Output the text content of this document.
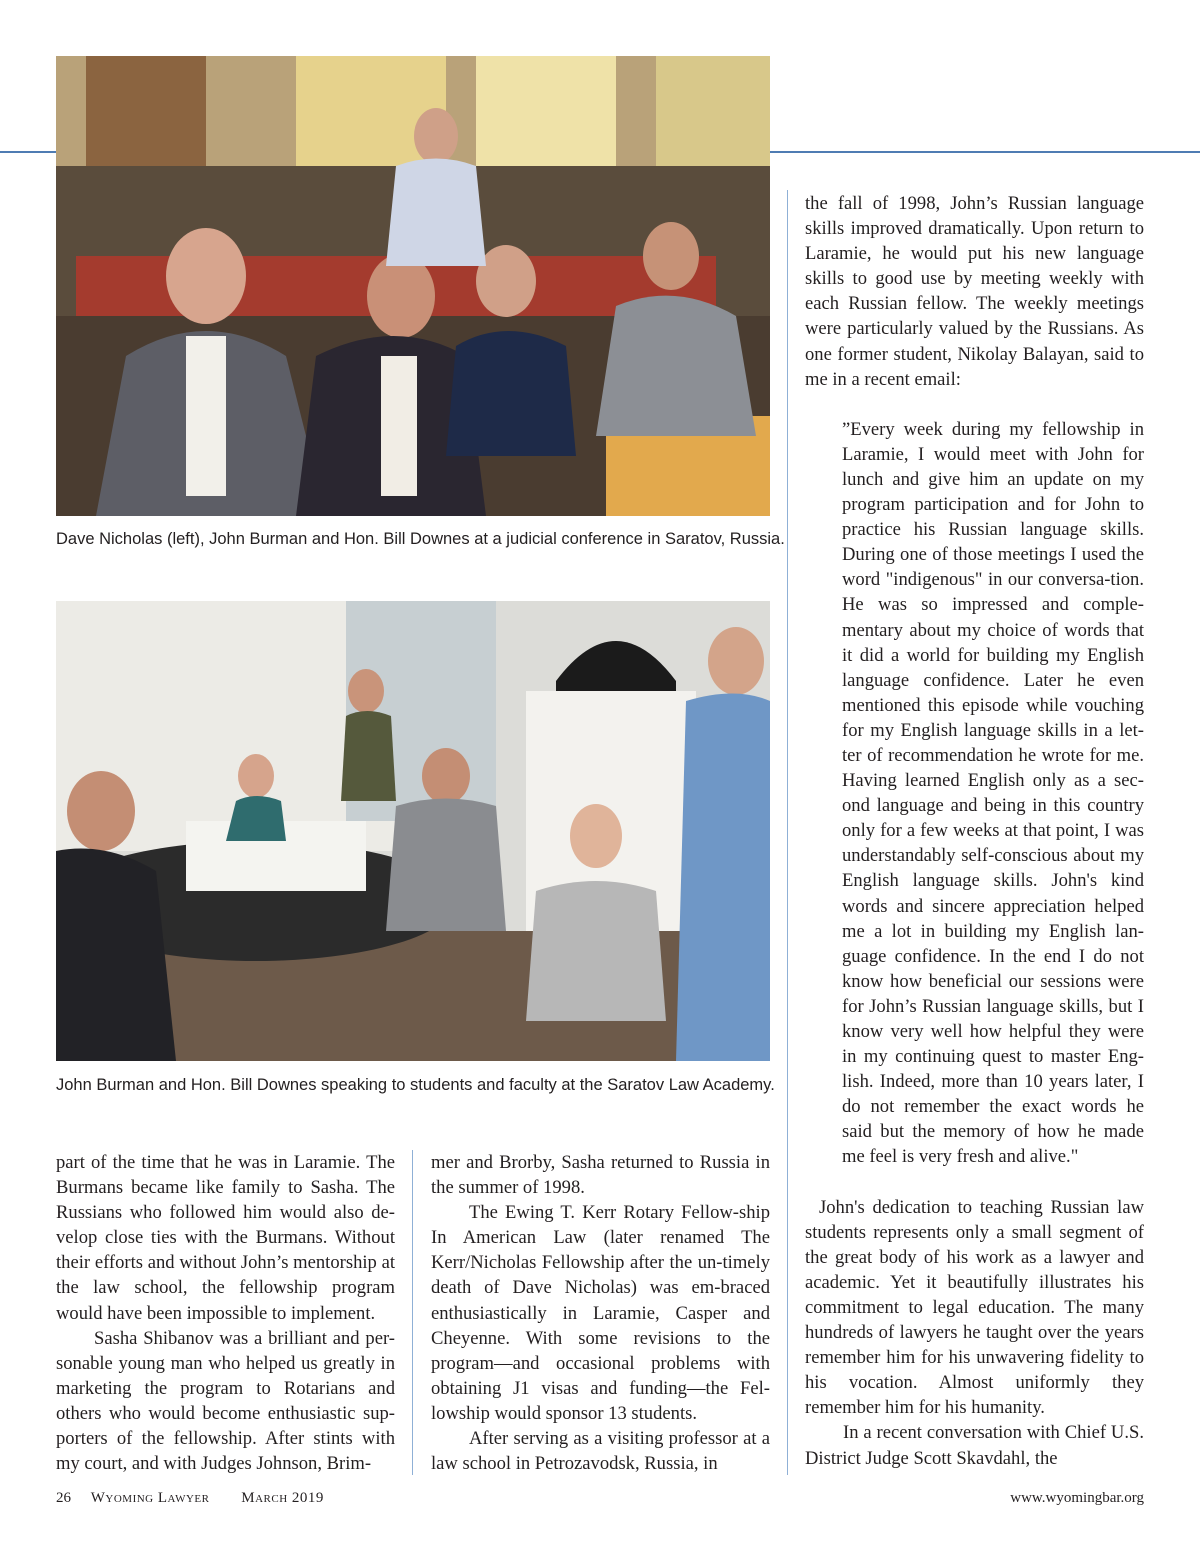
Dave Nicholas (left), John Burman and Hon. Bill Downes at a judicial conference in Saratov, Russia.
John Burman and Hon. Bill Downes speaking to students and faculty at the Saratov Law Academy.

part of the time that he was in Laramie. The Burmans became like family to Sasha. The Russians who followed him would also de-velop close ties with the Burmans. Without their efforts and without John’s mentorship at the law school, the fellowship program would have been impossible to implement.

Sasha Shibanov was a brilliant and per-sonable young man who helped us greatly in marketing the program to Rotarians and others who would become enthusiastic sup-porters of the fellowship. After stints with my court, and with Judges Johnson, Brim-

mer and Brorby, Sasha returned to Russia in the summer of 1998.

The Ewing T. Kerr Rotary Fellow-ship In American Law (later renamed The Kerr/Nicholas Fellowship after the un-timely death of Dave Nicholas) was em-braced enthusiastically in Laramie, Casper and Cheyenne. With some revisions to the program—and occasional problems with obtaining J1 visas and funding—the Fel-lowship would sponsor 13 students.

After serving as a visiting professor at a law school in Petrozavodsk, Russia, in

the fall of 1998, John’s Russian language skills improved dramatically. Upon return to Laramie, he would put his new language skills to good use by meeting weekly with each Russian fellow. The weekly meetings were particularly valued by the Russians. As one former student, Nikolay Balayan, said to me in a recent email:

”Every week during my fellowship in Laramie, I would meet with John for lunch and give him an update on my program participation and for John to practice his Russian language skills. During one of those meetings I used the word "indigenous" in our conversa-tion. He was so impressed and comple-mentary about my choice of words that it did a world for building my English language confidence. Later he even mentioned this episode while vouching for my English language skills in a let-ter of recommendation he wrote for me. Having learned English only as a sec-ond language and being in this country only for a few weeks at that point, I was understandably self-conscious about my English language skills. John's kind words and sincere appreciation helped me a lot in building my English lan-guage confidence. In the end I do not know how beneficial our sessions were for John’s Russian language skills, but I know very well how helpful they were in my continuing quest to master Eng-lish. Indeed, more than 10 years later, I do not remember the exact words he said but the memory of how he made me feel is very fresh and alive."

John's dedication to teaching Russian law students represents only a small segment of the great body of his work as a lawyer and academic. Yet it beautifully illustrates his commitment to legal education. The many hundreds of lawyers he taught over the years remember him for his unwavering fidelity to his vocation. Almost uniformly they remember him for his humanity.

In a recent conversation with Chief U.S. District Judge Scott Skavdahl, the

26 Wyoming Lawyer March 2019	www.wyomingbar.org
